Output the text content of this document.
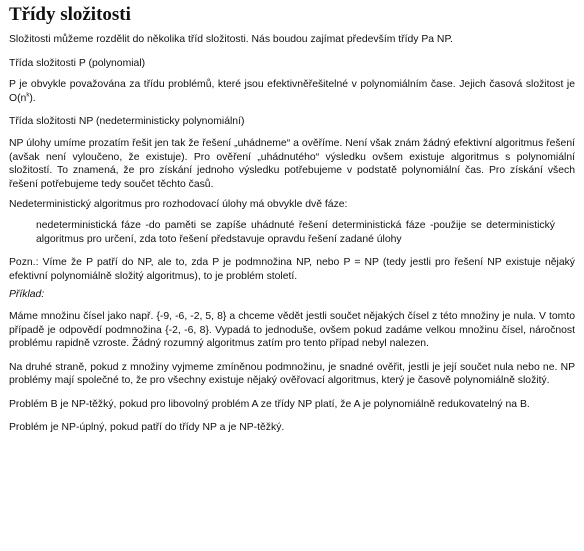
Třídy složitosti

Složitosti můžeme rozdělit do několika tříd složitosti. Nás boudou zajímat především třídy Pa NP.

Třída složitosti P (polynomial)

P je obvykle považována za třídu problémů, které jsou efektivněřešitelné v polynomiálním čase. Jejich časová složitost je $O(n^k)$.

Třída složitosti NP (nedeterministicky polynomiální)

NP úlohy umíme prozatím řešit jen tak že řešení „uhádneme“ a ověříme. Není však znám žádný efektivní algoritmus řešení (avšak není vyloučeno, že existuje). Pro ověření „uhádnutého“ výsledku ovšem existuje algoritmus s polynomiální složitostí. To znamená, že pro získání jednoho výsledku potřebujeme v podstatě polynomiální čas. Pro získání všech řešení potřebujeme tedy součet těchto časů.

Nedeterministický algoritmus pro rozhodovací úlohy má obvykle dvě fáze:

nedeterministická fáze -do paměti se zapíše uhádnuté řešení deterministická fáze -použije se deterministický algoritmus pro určení, zda toto řešení představuje opravdu řešení zadané úlohy

Pozn.: Víme že P patří do NP, ale to, zda P je podmnožina NP, nebo P = NP (tedy jestli pro řešení NP existuje nějaký efektivní polynomiálně složitý algoritmus), to je problém století.

Příklad:

Máme množinu čísel jako např. {-9, -6, -2, 5, 8} a chceme vědět jestli součet nějakých čísel z této množiny je nula. V tomto případě je odpovědí podmnožina {-2, -6, 8}. Vypadá to jednoduše, ovšem pokud zadáme velkou množinu čísel, náročnost problému rapidně vzroste. Žádný rozumný algoritmus zatím pro tento případ nebyl nalezen.

Na druhé straně, pokud z množiny vyjmeme zmíněnou podmnožinu, je snadné ověřit, jestli je její součet nula nebo ne. NP problémy mají společné to, že pro všechny existuje nějaký ověřovací algoritmus, který je časově polynomiálně složitý.

Problém B je NP-těžký, pokud pro libovolný problém A ze třídy NP platí, že A je polynomiálně redukovatelný na B.

Problém je NP-úplný, pokud patří do třídy NP a je NP-těžký.
